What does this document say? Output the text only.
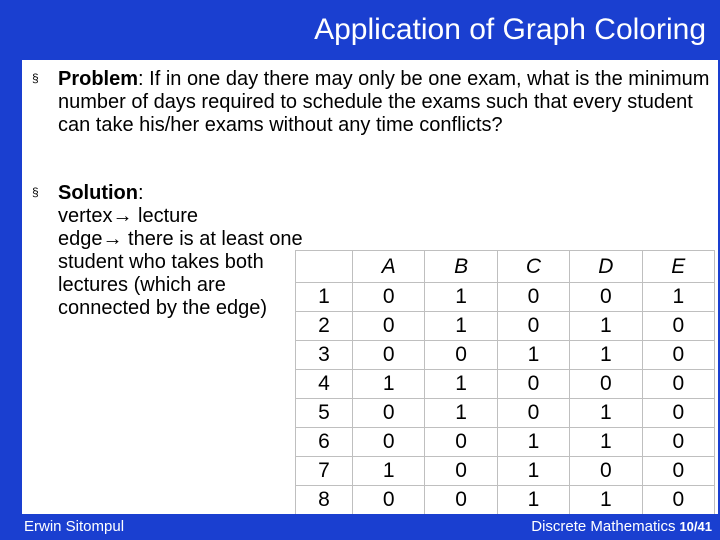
Application of Graph Coloring
§ Problem: If in one day there may only be one exam, what is the minimum number of days required to schedule the exams such that every student can take his/her exams without any time conflicts?
§ Solution:
vertex→ lecture
edge→ there is at least one student who takes both lectures (which are connected by the edge)
	A	B	C	D	E
1	0	1	0	0	1
2	0	1	0	1	0
3	0	0	1	1	0
4	1	1	0	0	0
5	0	1	0	1	0
6	0	0	1	1	0
7	1	0	1	0	0
8	0	0	1	1	0
Erwin Sitompul	Discrete Mathematics 10/41
